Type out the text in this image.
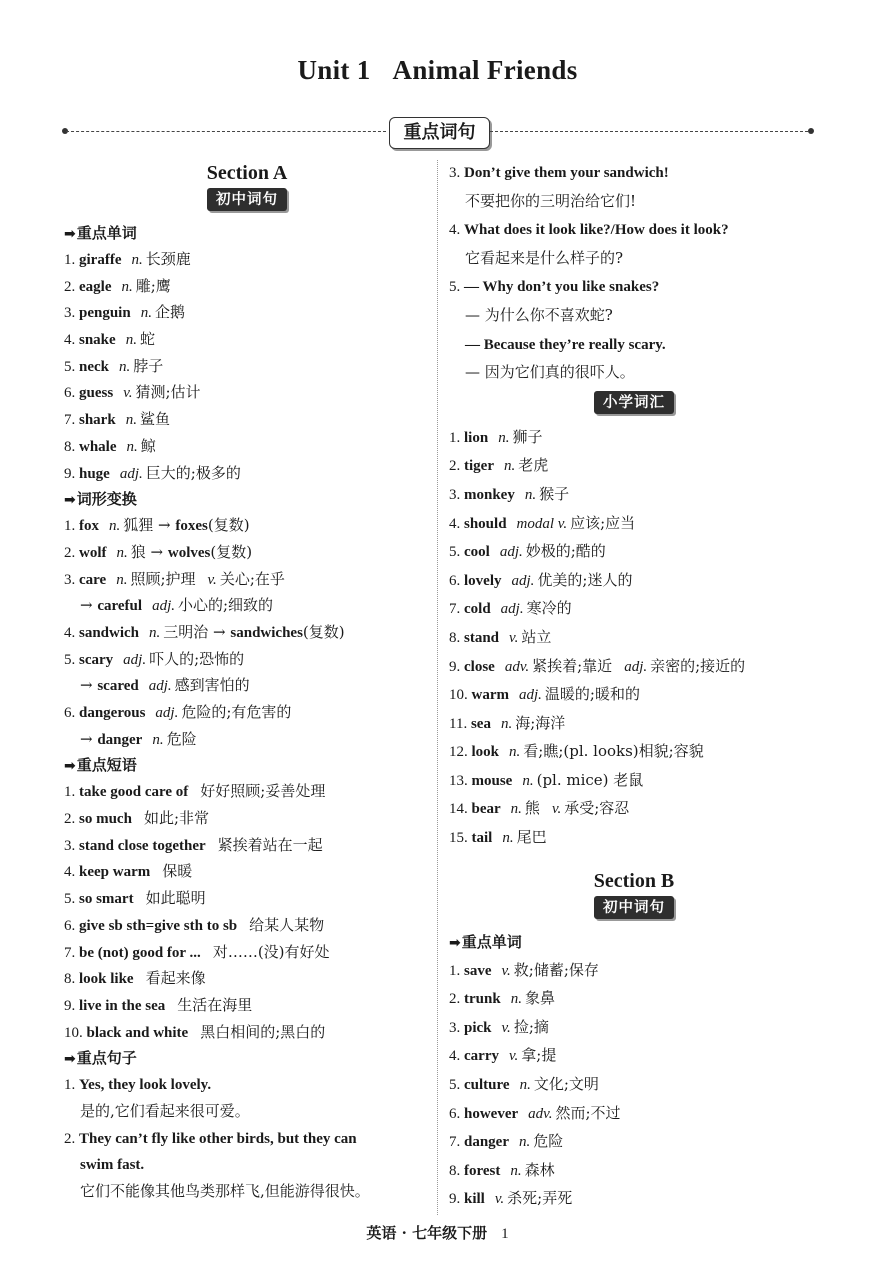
Unit 1 Animal Friends
重点词句
Section A
初中词句
➡重点单词
1. giraffe n. 长颈鹿
2. eagle n. 雕;鹰
3. penguin n. 企鹅
4. snake n. 蛇
5. neck n. 脖子
6. guess v. 猜测;估计
7. shark n. 鲨鱼
8. whale n. 鲸
9. huge adj. 巨大的;极多的
➡词形变换
1. fox n. 狐狸 → foxes(复数)
2. wolf n. 狼 → wolves(复数)
3. care n. 照顾;护理 v. 关心;在乎
→ careful adj. 小心的;细致的
4. sandwich n. 三明治 → sandwiches(复数)
5. scary adj. 吓人的;恐怖的
→ scared adj. 感到害怕的
6. dangerous adj. 危险的;有危害的
→ danger n. 危险
➡重点短语
1. take good care of 好好照顾;妥善处理
2. so much 如此;非常
3. stand close together 紧挨着站在一起
4. keep warm 保暖
5. so smart 如此聪明
6. give sb sth=give sth to sb 给某人某物
7. be (not) good for ... 对……(没)有好处
8. look like 看起来像
9. live in the sea 生活在海里
10. black and white 黑白相间的;黑白的
➡重点句子
1. Yes, they look lovely.
是的,它们看起来很可爱。
2. They can’t fly like other birds, but they can
swim fast.
它们不能像其他鸟类那样飞,但能游得很快。
3. Don’t give them your sandwich!
不要把你的三明治给它们!
4. What does it look like?/How does it look?
它看起来是什么样子的?
5. — Why don’t you like snakes?
— 为什么你不喜欢蛇?
— Because they’re really scary.
— 因为它们真的很吓人。
小学词汇
1. lion n. 狮子
2. tiger n. 老虎
3. monkey n. 猴子
4. should modal v. 应该;应当
5. cool adj. 妙极的;酷的
6. lovely adj. 优美的;迷人的
7. cold adj. 寒冷的
8. stand v. 站立
9. close adv. 紧挨着;靠近 adj. 亲密的;接近的
10. warm adj. 温暖的;暖和的
11. sea n. 海;海洋
12. look n. 看;瞧;(pl. looks)相貌;容貌
13. mouse n. (pl. mice) 老鼠
14. bear n. 熊 v. 承受;容忍
15. tail n. 尾巴
Section B
初中词句
➡重点单词
1. save v. 救;储蓄;保存
2. trunk n. 象鼻
3. pick v. 捡;摘
4. carry v. 拿;提
5. culture n. 文化;文明
6. however adv. 然而;不过
7. danger n. 危险
8. forest n. 森林
9. kill v. 杀死;弄死
英语 · 七年级下册 1
